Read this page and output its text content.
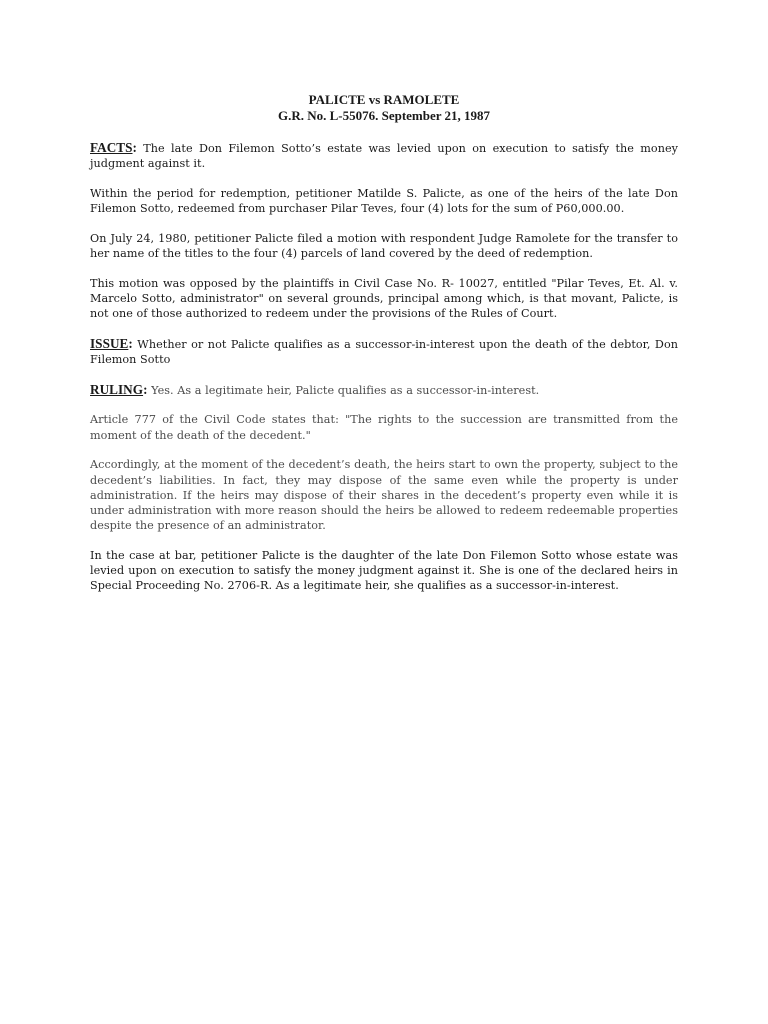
PALICTE vs RAMOLETE

G.R. No. L-55076. September 21, 1987

FACTS: The late Don Filemon Sotto’s estate was levied upon on execution to satisfy the money judgment against it.

Within the period for redemption, petitioner Matilde S. Palicte, as one of the heirs of the late Don Filemon Sotto, redeemed from purchaser Pilar Teves, four (4) lots for the sum of P60,000.00.

On July 24, 1980, petitioner Palicte filed a motion with respondent Judge Ramolete for the transfer to her name of the titles to the four (4) parcels of land covered by the deed of redemption.

This motion was opposed by the plaintiffs in Civil Case No. R- 10027, entitled "Pilar Teves, Et. Al. v. Marcelo Sotto, administrator" on several grounds, principal among which, is that movant, Palicte, is not one of those authorized to redeem under the provisions of the Rules of Court.

ISSUE: Whether or not Palicte qualifies as a successor-in-interest upon the death of the debtor, Don Filemon Sotto

RULING: Yes. As a legitimate heir, Palicte qualifies as a successor-in-interest.

Article 777 of the Civil Code states that: "The rights to the succession are transmitted from the moment of the death of the decedent."

Accordingly, at the moment of the decedent’s death, the heirs start to own the property, subject to the decedent’s liabilities. In fact, they may dispose of the same even while the property is under administration. If the heirs may dispose of their shares in the decedent’s property even while it is under administration with more reason should the heirs be allowed to redeem redeemable properties despite the presence of an administrator.

In the case at bar, petitioner Palicte is the daughter of the late Don Filemon Sotto whose estate was levied upon on execution to satisfy the money judgment against it. She is one of the declared heirs in Special Proceeding No. 2706-R. As a legitimate heir, she qualifies as a successor-in-interest.
